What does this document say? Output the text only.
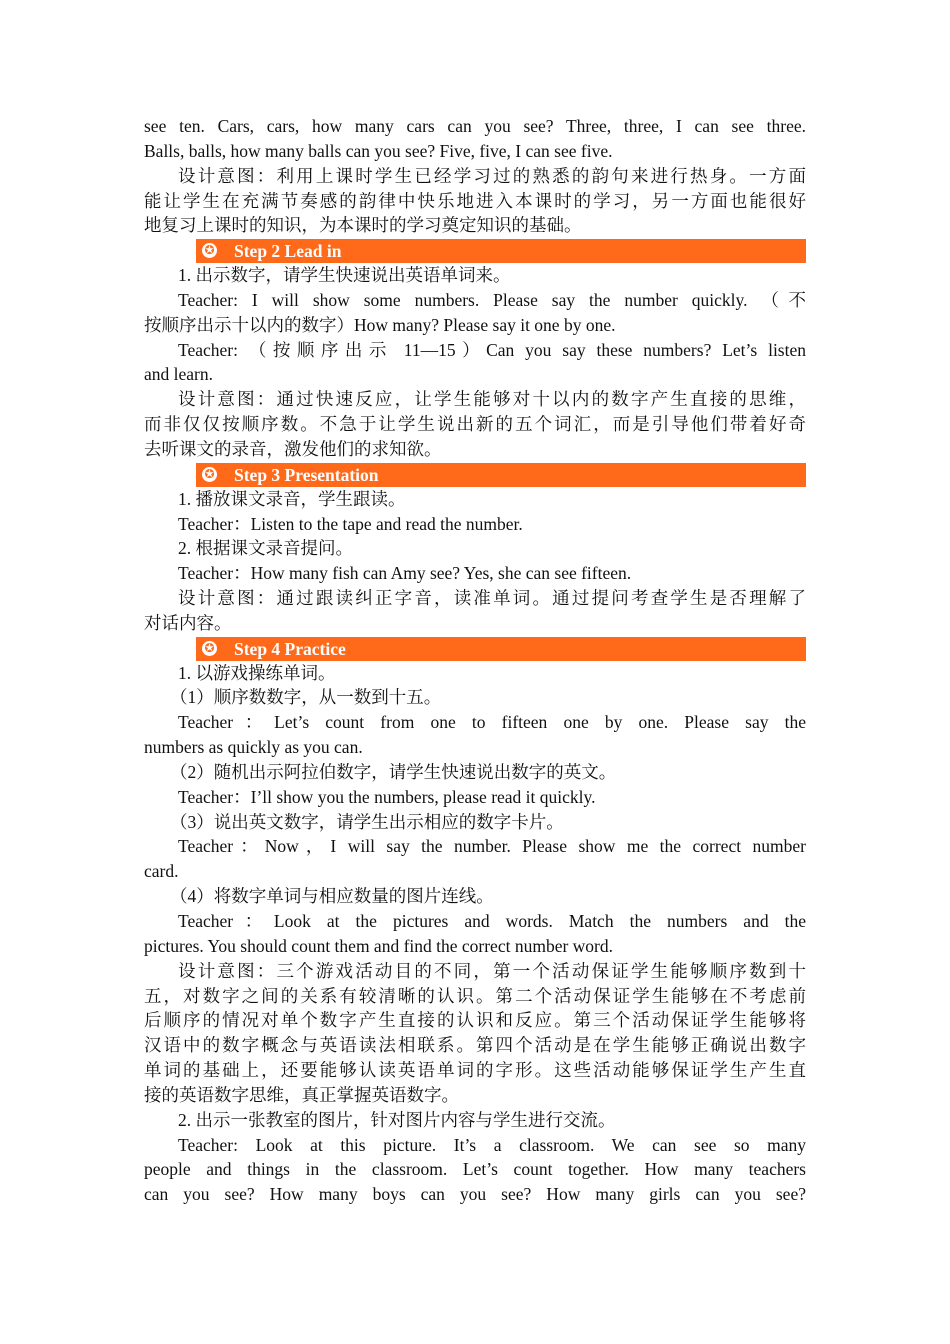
see ten. Cars, cars, how many cars can you see? Three, three, I can see three.
Balls, balls, how many balls can you see? Five, five, I can see five.
设计意图：利用上课时学生已经学习过的熟悉的韵句来进行热身。一方面
能让学生在充满节奏感的韵律中快乐地进入本课时的学习，另一方面也能很好
地复习上课时的知识，为本课时的学习奠定知识的基础。
✪ Step 2 Lead in
1. 出示数字，请学生快速说出英语单词来。
Teacher: I will show some numbers. Please say the number quickly. （不
按顺序出示十以内的数字）How many? Please say it one by one.
Teacher: （按顺序出示 11—15）Can you say these numbers? Let’s listen
and learn.
设计意图：通过快速反应，让学生能够对十以内的数字产生直接的思维，
而非仅仅按顺序数。不急于让学生说出新的五个词汇，而是引导他们带着好奇
去听课文的录音，激发他们的求知欲。
✪ Step 3 Presentation
1. 播放课文录音，学生跟读。
Teacher：Listen to the tape and read the number.
2. 根据课文录音提问。
Teacher：How many fish can Amy see? Yes, she can see fifteen.
设计意图：通过跟读纠正字音，读准单词。通过提问考查学生是否理解了
对话内容。
✪ Step 4 Practice
1. 以游戏操练单词。
（1）顺序数数字，从一数到十五。
Teacher：Let’s count from one to fifteen one by one. Please say the
numbers as quickly as you can.
（2）随机出示阿拉伯数字，请学生快速说出数字的英文。
Teacher：I’ll show you the numbers, please read it quickly.
（3）说出英文数字，请学生出示相应的数字卡片。
Teacher：Now，I will say the number. Please show me the correct number
card.
（4）将数字单词与相应数量的图片连线。
Teacher：Look at the pictures and words. Match the numbers and the
pictures. You should count them and find the correct number word.
设计意图：三个游戏活动目的不同，第一个活动保证学生能够顺序数到十
五，对数字之间的关系有较清晰的认识。第二个活动保证学生能够在不考虑前
后顺序的情况对单个数字产生直接的认识和反应。第三个活动保证学生能够将
汉语中的数字概念与英语读法相联系。第四个活动是在学生能够正确说出数字
单词的基础上，还要能够认读英语单词的字形。这些活动能够保证学生产生直
接的英语数字思维，真正掌握英语数字。
2. 出示一张教室的图片，针对图片内容与学生进行交流。
Teacher: Look at this picture. It’s a classroom. We can see so many
people and things in the classroom. Let’s count together. How many teachers
can you see? How many boys can you see? How many girls can you see?
